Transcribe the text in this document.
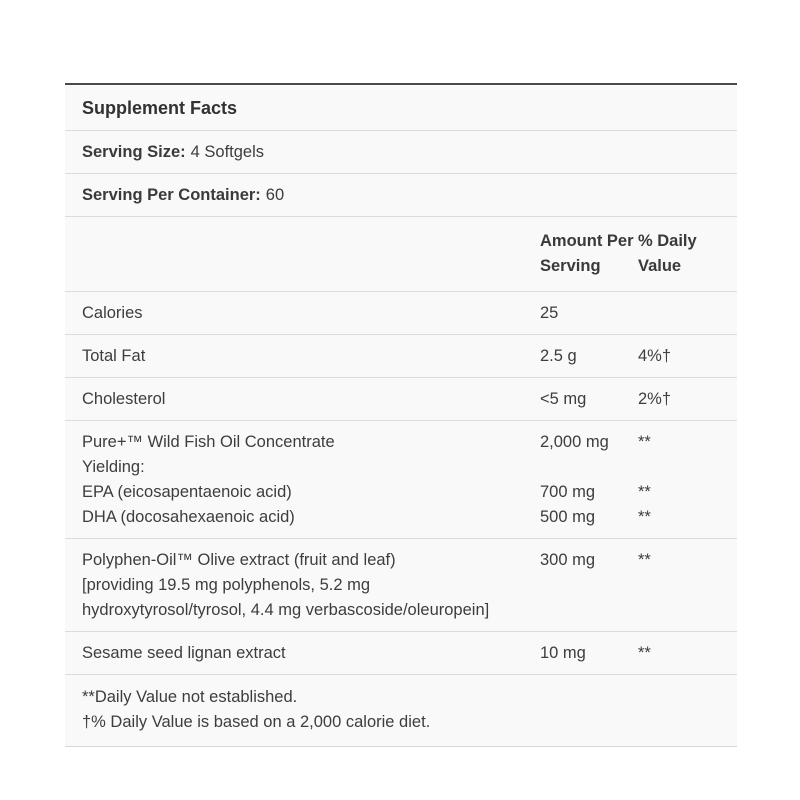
Supplement Facts
Serving Size: 4 Softgels
Serving Per Container: 60
Amount Per Serving
% Daily Value
Calories	25
Total Fat	2.5 g	4%†
Cholesterol	<5 mg	2%†
Pure+™ Wild Fish Oil Concentrate	2,000 mg	**
Yielding:
EPA (eicosapentaenoic acid)	700 mg	**
DHA (docosahexaenoic acid)	500 mg	**
Polyphen-Oil™ Olive extract (fruit and leaf)	300 mg	**
[providing 19.5 mg polyphenols, 5.2 mg
hydroxytyrosol/tyrosol, 4.4 mg verbascoside/oleuropein]
Sesame seed lignan extract	10 mg	**
**Daily Value not established.
†% Daily Value is based on a 2,000 calorie diet.
